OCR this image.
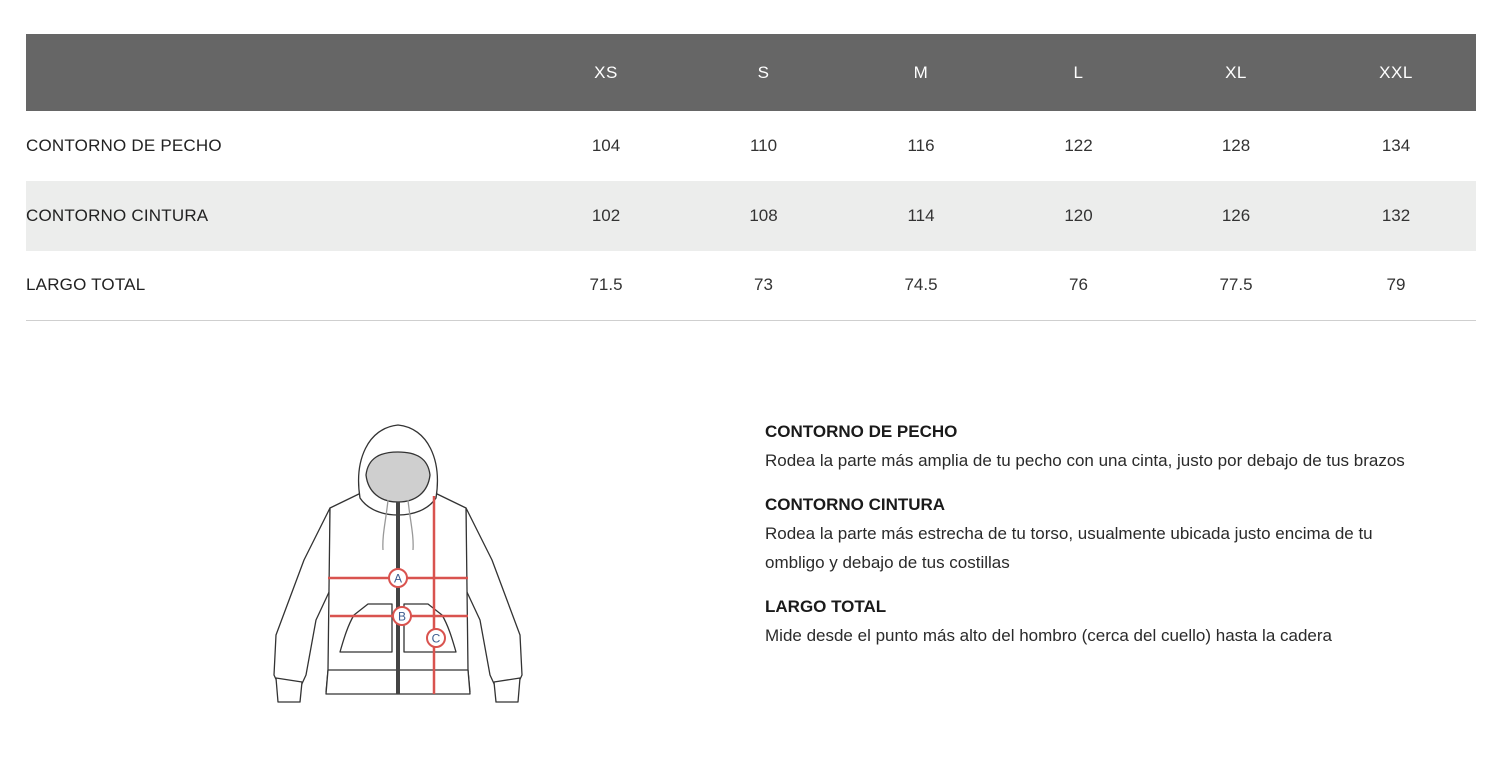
	XS	S	M	L	XL	XXL
CONTORNO DE PECHO	104	110	116	122	128	134
CONTORNO CINTURA	102	108	114	120	126	132
LARGO TOTAL	71.5	73	74.5	76	77.5	79
A
B
C
CONTORNO DE PECHO
Rodea la parte más amplia de tu pecho con una cinta, justo por debajo de tus brazos
CONTORNO CINTURA
Rodea la parte más estrecha de tu torso, usualmente ubicada justo encima de tu ombligo y debajo de tus costillas
LARGO TOTAL
Mide desde el punto más alto del hombro (cerca del cuello) hasta la cadera
